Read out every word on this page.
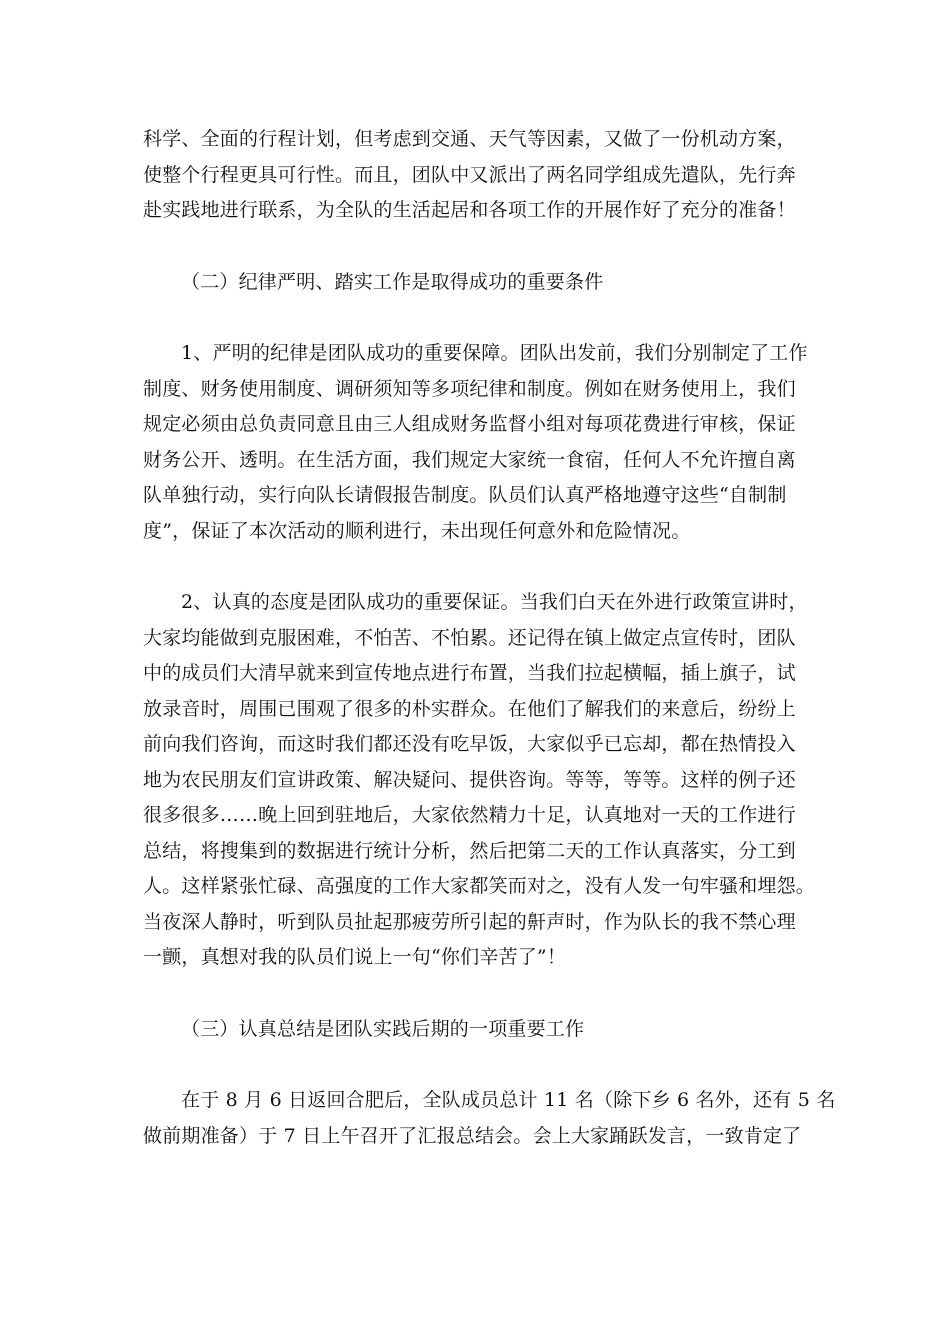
科学、全面的行程计划，但考虑到交通、天气等因素，又做了一份机动方案，
使整个行程更具可行性。而且，团队中又派出了两名同学组成先遣队，先行奔
赴实践地进行联系，为全队的生活起居和各项工作的开展作好了充分的准备！
（二）纪律严明、踏实工作是取得成功的重要条件
1、严明的纪律是团队成功的重要保障。团队出发前，我们分别制定了工作
制度、财务使用制度、调研须知等多项纪律和制度。例如在财务使用上，我们
规定必须由总负责同意且由三人组成财务监督小组对每项花费进行审核，保证
财务公开、透明。在生活方面，我们规定大家统一食宿，任何人不允许擅自离
队单独行动，实行向队长请假报告制度。队员们认真严格地遵守这些“自制制
度”，保证了本次活动的顺利进行，未出现任何意外和危险情况。
2、认真的态度是团队成功的重要保证。当我们白天在外进行政策宣讲时，
大家均能做到克服困难，不怕苦、不怕累。还记得在镇上做定点宣传时，团队
中的成员们大清早就来到宣传地点进行布置，当我们拉起横幅，插上旗子，试
放录音时，周围已围观了很多的朴实群众。在他们了解我们的来意后，纷纷上
前向我们咨询，而这时我们都还没有吃早饭，大家似乎已忘却，都在热情投入
地为农民朋友们宣讲政策、解决疑问、提供咨询。等等，等等。这样的例子还
很多很多……晚上回到驻地后，大家依然精力十足，认真地对一天的工作进行
总结，将搜集到的数据进行统计分析，然后把第二天的工作认真落实，分工到
人。这样紧张忙碌、高强度的工作大家都笑而对之，没有人发一句牢骚和埋怨。
当夜深人静时，听到队员扯起那疲劳所引起的鼾声时，作为队长的我不禁心理
一颤，真想对我的队员们说上一句“你们辛苦了”！
（三）认真总结是团队实践后期的一项重要工作
在于 8 月 6 日返回合肥后，全队成员总计 11 名（除下乡 6 名外，还有 5 名
做前期准备）于 7 日上午召开了汇报总结会。会上大家踊跃发言，一致肯定了
